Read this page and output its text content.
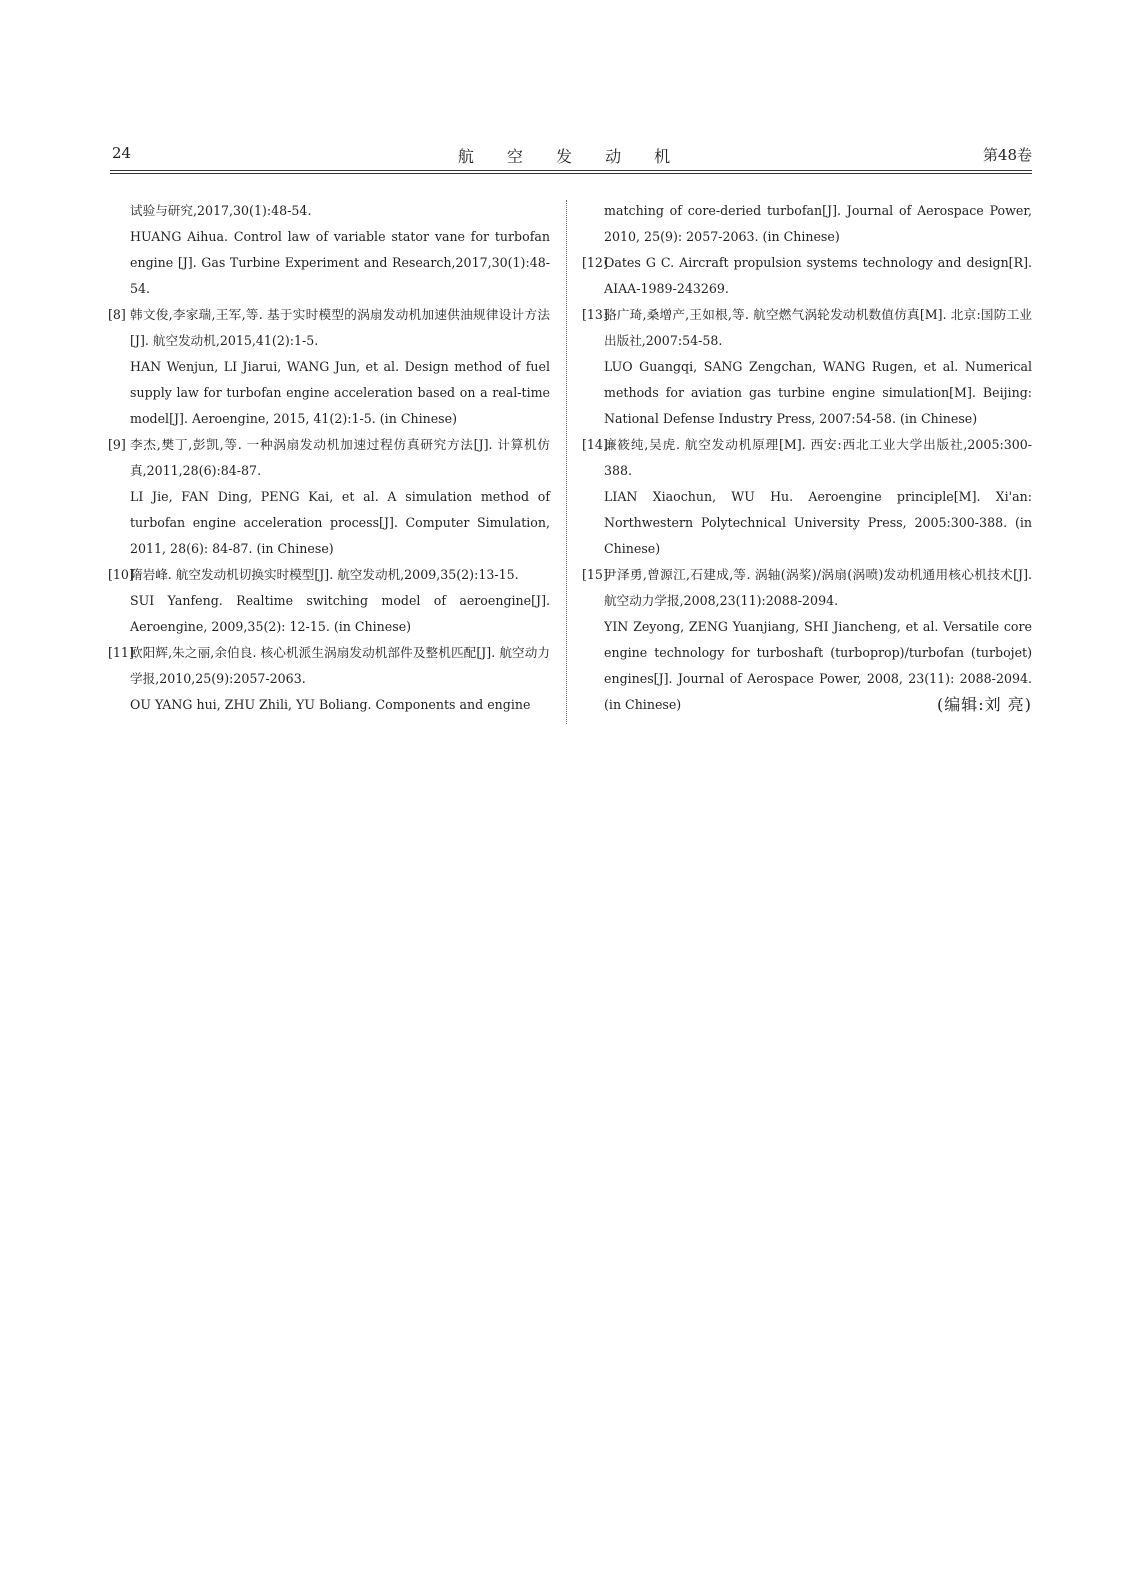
24	航 空 发 动 机	第48卷
试验与研究,2017,30(1):48-54.
HUANG Aihua. Control law of variable stator vane for turbofan engine [J]. Gas Turbine Experiment and Research,2017,30(1):48-54.
[8] 韩文俊,李家瑞,王军,等. 基于实时模型的涡扇发动机加速供油规律设计方法[J]. 航空发动机,2015,41(2):1-5.
HAN Wenjun, LI Jiarui, WANG Jun, et al. Design method of fuel supply law for turbofan engine acceleration based on a real-time model[J]. Aeroengine, 2015, 41(2):1-5. (in Chinese)
[9] 李杰,樊丁,彭凯,等. 一种涡扇发动机加速过程仿真研究方法[J]. 计算机仿真,2011,28(6):84-87.
LI Jie, FAN Ding, PENG Kai, et al. A simulation method of turbofan engine acceleration process[J]. Computer Simulation, 2011, 28(6): 84-87. (in Chinese)
[10]
隋岩峰. 航空发动机切换实时模型[J]. 航空发动机,2009,35(2):13-15.
SUI Yanfeng. Realtime switching model of aeroengine[J]. Aeroengine, 2009,35(2): 12-15. (in Chinese)
[11]
欧阳辉,朱之丽,余伯良. 核心机派生涡扇发动机部件及整机匹配[J]. 航空动力学报,2010,25(9):2057-2063.
OU YANG hui, ZHU Zhili, YU Boliang. Components and engine
matching of core-deried turbofan[J]. Journal of Aerospace Power, 2010, 25(9): 2057-2063. (in Chinese)
[12]
Oates G C. Aircraft propulsion systems technology and design[R]. AIAA-1989-243269.
[13]
骆广琦,桑增产,王如根,等. 航空燃气涡轮发动机数值仿真[M]. 北京:国防工业出版社,2007:54-58.
LUO Guangqi, SANG Zengchan, WANG Rugen, et al. Numerical methods for aviation gas turbine engine simulation[M]. Beijing: National Defense Industry Press, 2007:54-58. (in Chinese)
[14]
廉筱纯,吴虎. 航空发动机原理[M]. 西安:西北工业大学出版社,2005:300-388.
LIAN Xiaochun, WU Hu. Aeroengine principle[M]. Xi'an: Northwestern Polytechnical University Press, 2005:300-388. (in Chinese)
[15]
尹泽勇,曾源江,石建成,等. 涡轴(涡桨)/涡扇(涡喷)发动机通用核心机技术[J]. 航空动力学报,2008,23(11):2088-2094.
YIN Zeyong, ZENG Yuanjiang, SHI Jiancheng, et al. Versatile core engine technology for turboshaft (turboprop)/turbofan (turbojet) engines[J]. Journal of Aerospace Power, 2008, 23(11): 2088-2094. (in Chinese)	(编辑:刘 亮)
